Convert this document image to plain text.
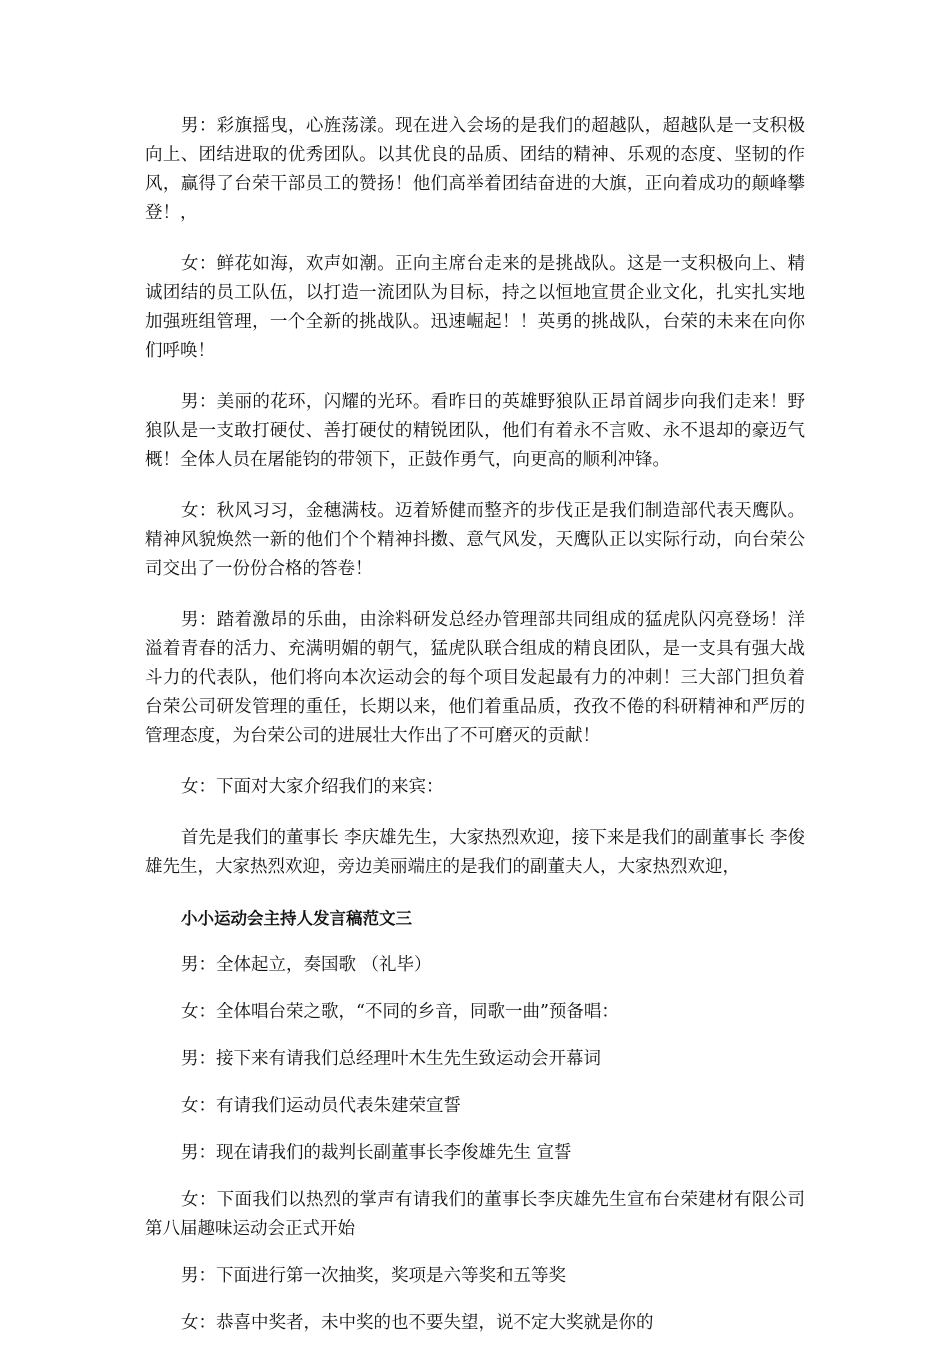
男：彩旗摇曳，心旌荡漾。现在进入会场的是我们的超越队，超越队是一支积极向上、团结进取的优秀团队。以其优良的品质、团结的精神、乐观的态度、坚韧的作风，赢得了台荣干部员工的赞扬！他们高举着团结奋进的大旗，正向着成功的颠峰攀登！，

女：鲜花如海，欢声如潮。正向主席台走来的是挑战队。这是一支积极向上、精诚团结的员工队伍，以打造一流团队为目标，持之以恒地宣贯企业文化，扎实扎实地加强班组管理，一个全新的挑战队。迅速崛起！！英勇的挑战队，台荣的未来在向你们呼唤！

男：美丽的花环，闪耀的光环。看昨日的英雄野狼队正昂首阔步向我们走来！野狼队是一支敢打硬仗、善打硬仗的精锐团队，他们有着永不言败、永不退却的豪迈气概！全体人员在屠能钧的带领下，正鼓作勇气，向更高的顺利冲锋。

女：秋风习习，金穗满枝。迈着矫健而整齐的步伐正是我们制造部代表天鹰队。精神风貌焕然一新的他们个个精神抖擞、意气风发，天鹰队正以实际行动，向台荣公司交出了一份份合格的答卷！

男：踏着激昂的乐曲，由涂料研发总经办管理部共同组成的猛虎队闪亮登场！洋溢着青春的活力、充满明媚的朝气，猛虎队联合组成的精良团队，是一支具有强大战斗力的代表队，他们将向本次运动会的每个项目发起最有力的冲刺！三大部门担负着台荣公司研发管理的重任，长期以来，他们着重品质，孜孜不倦的科研精神和严厉的管理态度，为台荣公司的进展壮大作出了不可磨灭的贡献！

女：下面对大家介绍我们的来宾：

首先是我们的董事长 李庆雄先生，大家热烈欢迎，接下来是我们的副董事长 李俊雄先生，大家热烈欢迎，旁边美丽端庄的是我们的副董夫人，大家热烈欢迎，

小小运动会主持人发言稿范文三

男：全体起立，奏国歌 （礼毕）

女：全体唱台荣之歌，“不同的乡音，同歌一曲”预备唱：

男：接下来有请我们总经理叶木生先生致运动会开幕词

女：有请我们运动员代表朱建荣宣誓

男：现在请我们的裁判长副董事长李俊雄先生 宣誓

女：下面我们以热烈的掌声有请我们的董事长李庆雄先生宣布台荣建材有限公司第八届趣味运动会正式开始

男：下面进行第一次抽奖，奖项是六等奖和五等奖

女：恭喜中奖者，未中奖的也不要失望，说不定大奖就是你的
